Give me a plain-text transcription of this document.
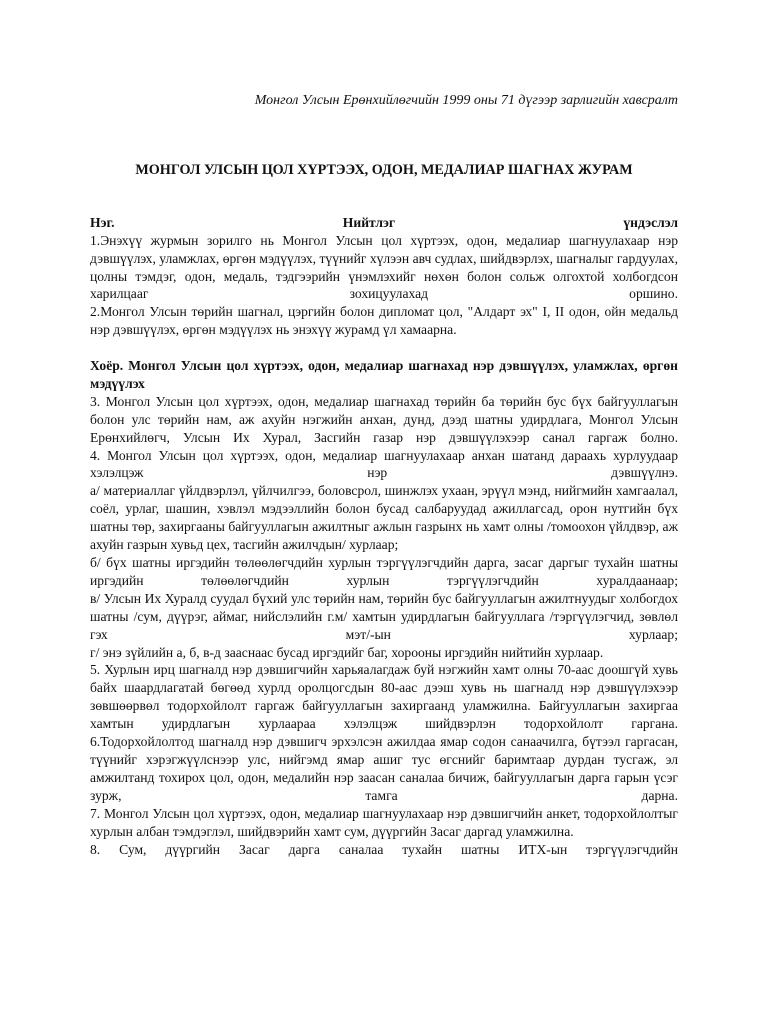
Монгол Улсын Ерөнхийлөгчийн 1999 оны 71 дүгээр зарлигийн хавсралт

МОНГОЛ УЛСЫН ЦОЛ ХҮРТЭЭХ, ОДОН, МЕДАЛИАР ШАГНАХ ЖУРАМ

Нэг. Нийтлэг үндэслэл

1.Энэхүү журмын зорилго нь Монгол Улсын цол хүртээх, одон, медалиар шагнуулахаар нэр дэвшүүлэх, уламжлах, өргөн мэдүүлэх, түүнийг хүлээн авч судлах, шийдвэрлэх, шагналыг гардуулах, цолны тэмдэг, одон, медаль, тэдгээрийн үнэмлэхийг нөхөн болон сольж олгохтой холбогдсон харилцааг зохицуулахад оршино.

2.Монгол Улсын төрийн шагнал, цэргийн болон дипломат цол, "Алдарт эх" I, II одон, ойн медальд нэр дэвшүүлэх, өргөн мэдүүлэх нь энэхүү журамд үл хамаарна.

Хоёр. Монгол Улсын цол хүртээх, одон, медалиар шагнахад нэр дэвшүүлэх, уламжлах, өргөн мэдүүлэх

3. Монгол Улсын цол хүртээх, одон, медалиар шагнахад төрийн ба төрийн бус бүх байгууллагын болон улс төрийн нам, аж ахуйн нэгжийн анхан, дунд, дээд шатны удирдлага, Монгол Улсын Ерөнхийлөгч, Улсын Их Хурал, Засгийн газар нэр дэвшүүлэхээр санал гаргаж болно.

4. Монгол Улсын цол хүртээх, одон, медалиар шагнуулахаар анхан шатанд дараахь хурлуудаар хэлэлцэж нэр дэвшүүлнэ.

а/ материаллаг үйлдвэрлэл, үйлчилгээ, боловсрол, шинжлэх ухаан, эрүүл мэнд, нийгмийн хамгаалал, соёл, урлаг, шашин, хэвлэл мэдээллийн болон бусад салбаруудад ажиллагсад, орон нутгийн бүх шатны төр, захиргааны байгууллагын ажилтныг ажлын газрынх нь хамт олны /томоохон үйлдвэр, аж ахуйн газрын хувьд цех, тасгийн ажилчдын/ хурлаар;

б/ бүх шатны иргэдийн төлөөлөгчдийн хурлын тэргүүлэгчдийн дарга, засаг даргыг тухайн шатны иргэдийн төлөөлөгчдийн хурлын тэргүүлэгчдийн хуралдаанаар;

в/ Улсын Их Хуралд суудал бүхий улс төрийн нам, төрийн бус байгууллагын ажилтнуудыг холбогдох шатны /сум, дүүрэг, аймаг, нийслэлийн г.м/ хамтын удирдлагын байгууллага /тэргүүлэгчид, зөвлөл гэх мэт/-ын хурлаар;

г/ энэ зүйлийн а, б, в-д зааснаас бусад иргэдийг баг, хорооны иргэдийн нийтийн хурлаар.

5. Хурлын ирц шагналд нэр дэвшигчийн харьяалагдаж буй нэгжийн хамт олны 70-аас доошгүй хувь байх шаардлагатай бөгөөд хурлд оролцогсдын 80-аас дээш хувь нь шагналд нэр дэвшүүлэхээр зөвшөөрвөл тодорхойлолт гаргаж байгууллагын захиргаанд уламжилна. Байгууллагын захиргаа хамтын удирдлагын хурлаараа хэлэлцэж шийдвэрлэн тодорхойлолт гаргана.

6.Тодорхойлолтод шагналд нэр дэвшигч эрхэлсэн ажилдаа ямар содон санаачилга, бүтээл гаргасан, түүнийг хэрэгжүүлснээр улс, нийгэмд ямар ашиг тус өгснийг баримтаар дурдан тусгаж, эл амжилтанд тохирох цол, одон, медалийн нэр заасан саналаа бичиж, байгууллагын дарга гарын үсэг зурж, тамга дарна.

7. Монгол Улсын цол хүртээх, одон, медалиар шагнуулахаар нэр дэвшигчийн анкет, тодорхойлолтыг хурлын албан тэмдэглэл, шийдвэрийн хамт сум, дүүргийн Засаг даргад уламжилна.

8. Сум, дүүргийн Засаг дарга саналаа тухайн шатны ИТХ-ын тэргүүлэгчдийн
